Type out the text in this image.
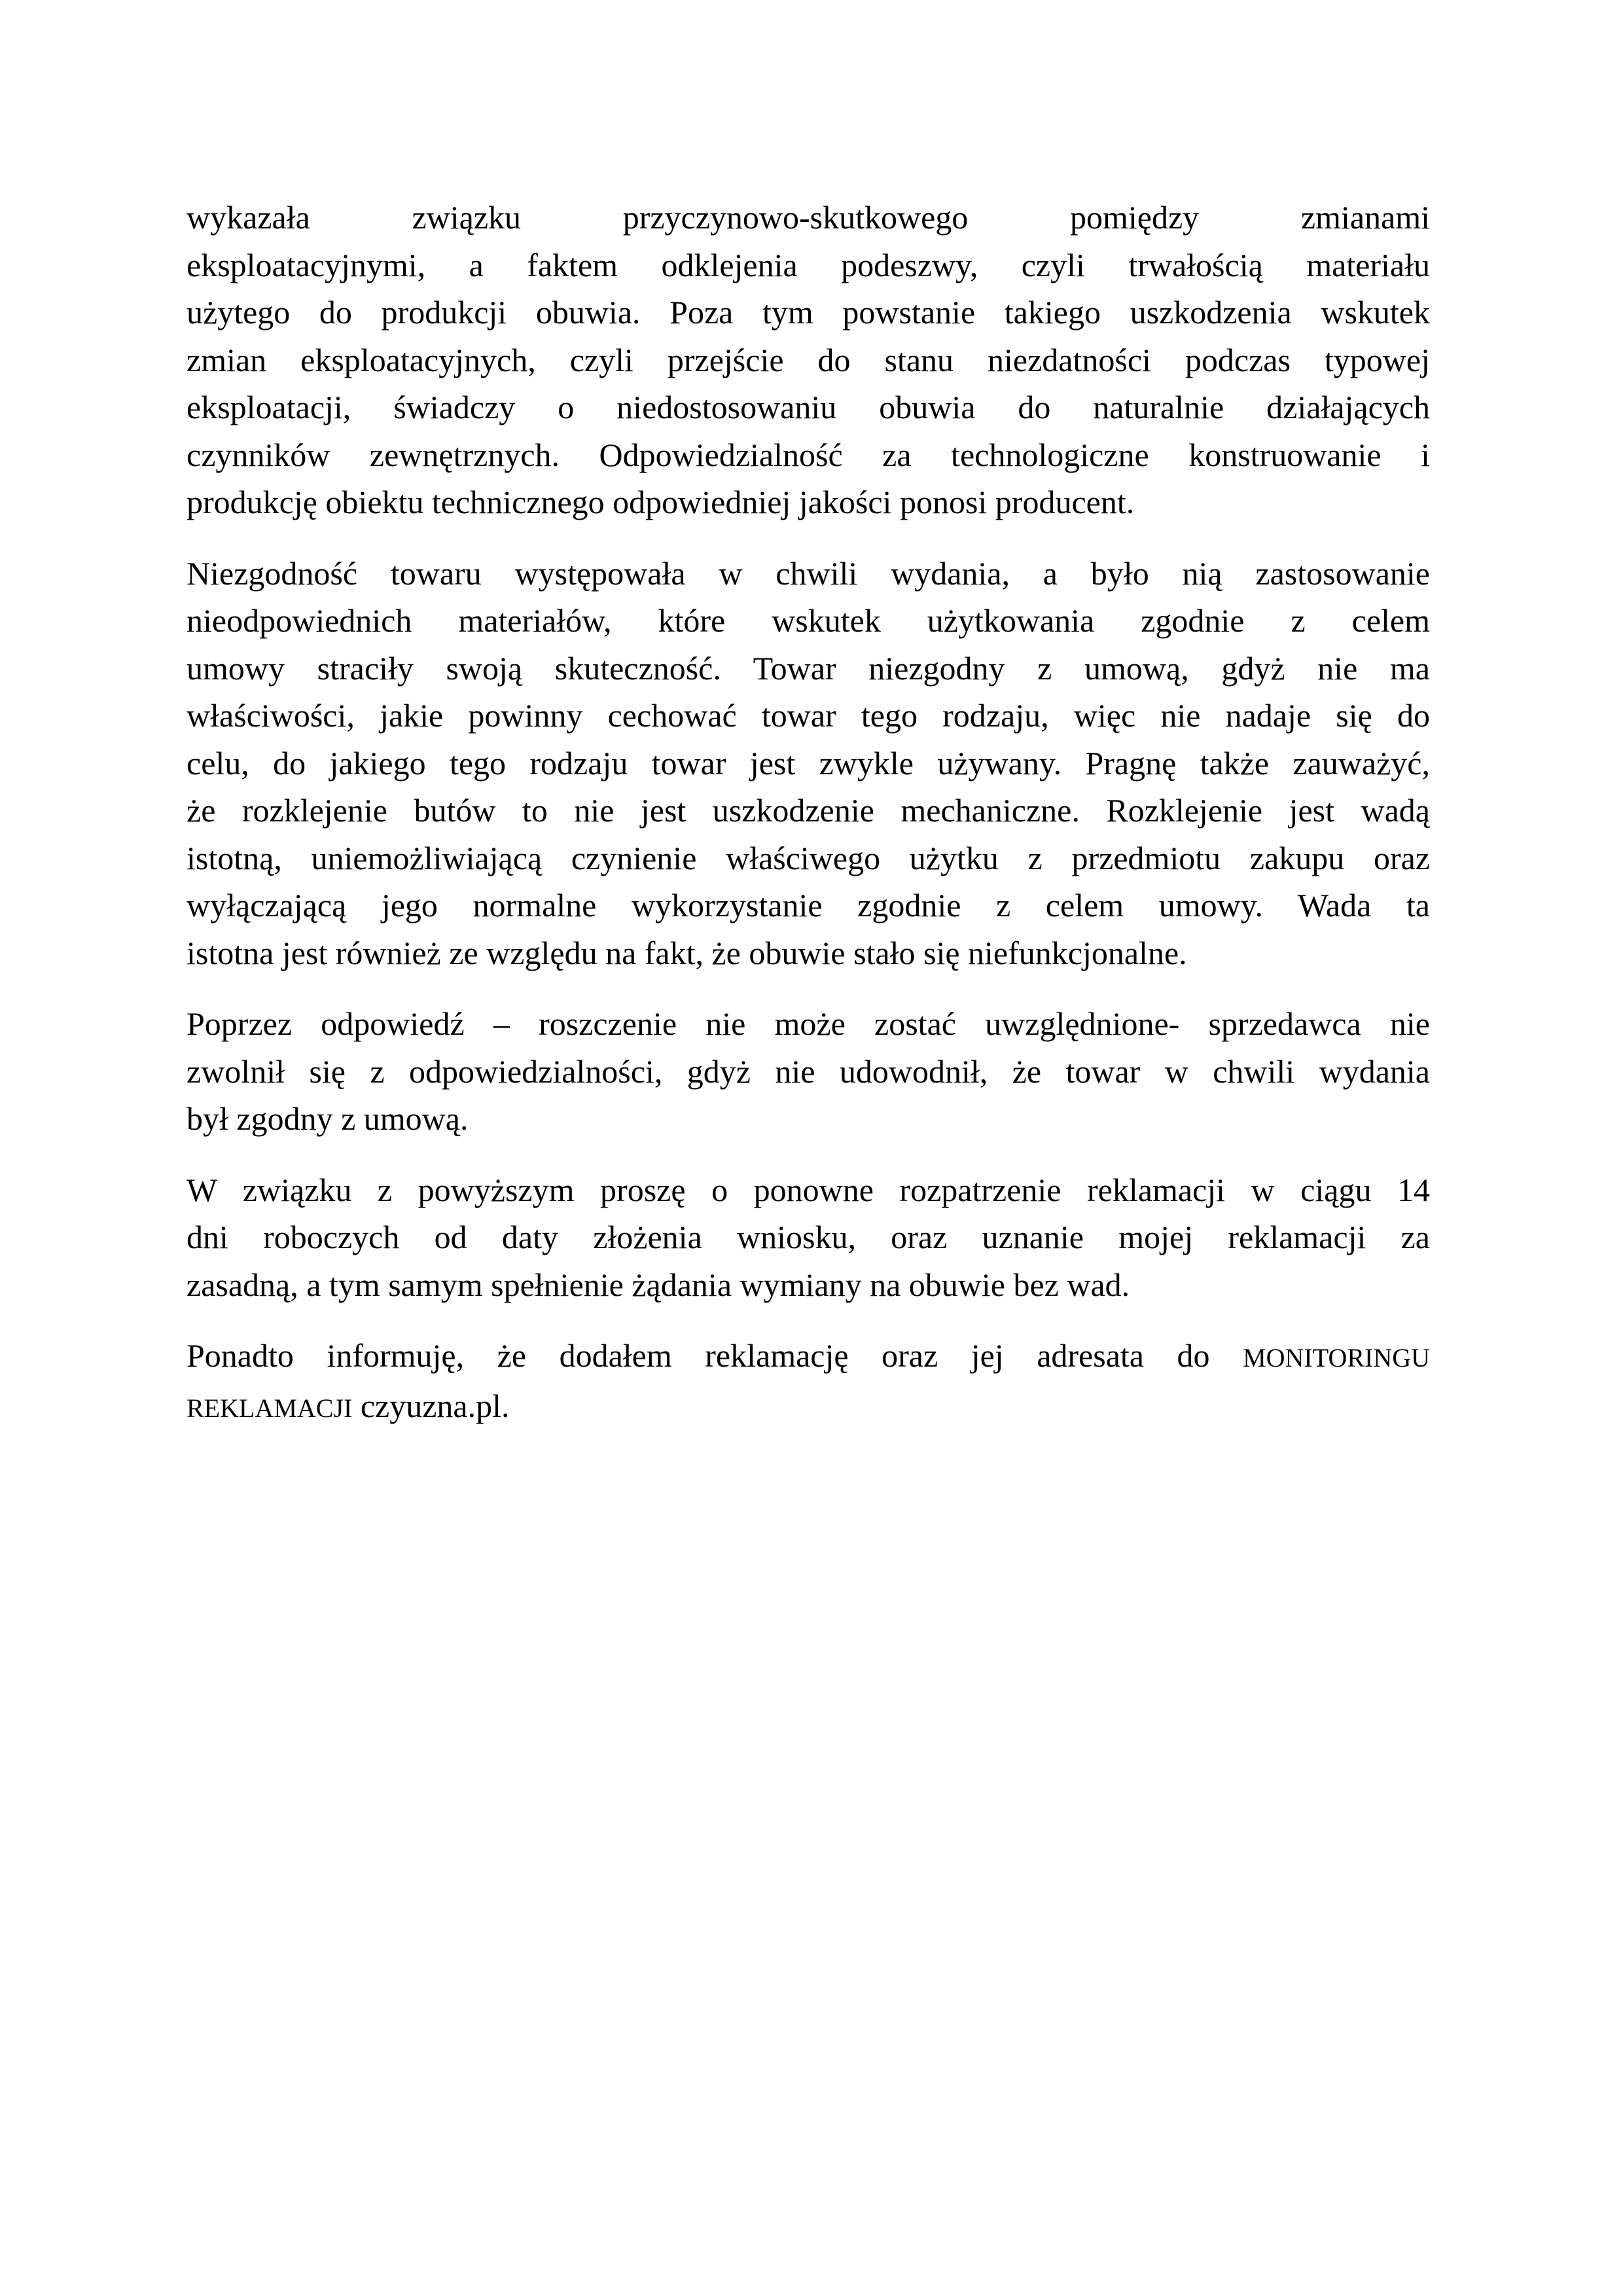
wykazała związku przyczynowo-skutkowego pomiędzy zmianami
eksploatacyjnymi, a faktem odklejenia podeszwy, czyli trwałością materiału
użytego do produkcji obuwia. Poza tym powstanie takiego uszkodzenia wskutek
zmian eksploatacyjnych, czyli przejście do stanu niezdatności podczas typowej
eksploatacji, świadczy o niedostosowaniu obuwia do naturalnie działających
czynników zewnętrznych. Odpowiedzialność za technologiczne konstruowanie i
produkcję obiektu technicznego odpowiedniej jakości ponosi producent.
Niezgodność towaru występowała w chwili wydania, a było nią zastosowanie
nieodpowiednich materiałów, które wskutek użytkowania zgodnie z celem
umowy straciły swoją skuteczność. Towar niezgodny z umową, gdyż nie ma
właściwości, jakie powinny cechować towar tego rodzaju, więc nie nadaje się do
celu, do jakiego tego rodzaju towar jest zwykle używany. Pragnę także zauważyć,
że rozklejenie butów to nie jest uszkodzenie mechaniczne. Rozklejenie jest wadą
istotną, uniemożliwiającą czynienie właściwego użytku z przedmiotu zakupu oraz
wyłączającą jego normalne wykorzystanie zgodnie z celem umowy. Wada ta
istotna jest również ze względu na fakt, że obuwie stało się niefunkcjonalne.
Poprzez odpowiedź – roszczenie nie może zostać uwzględnione- sprzedawca nie
zwolnił się z odpowiedzialności, gdyż nie udowodnił, że towar w chwili wydania
był zgodny z umową.
W związku z powyższym proszę o ponowne rozpatrzenie reklamacji w ciągu 14
dni roboczych od daty złożenia wniosku, oraz uznanie mojej reklamacji za
zasadną, a tym samym spełnienie żądania wymiany na obuwie bez wad.
Ponadto informuję, że dodałem reklamację oraz jej adresata do MONITORINGU
REKLAMACJI czyuzna.pl.
